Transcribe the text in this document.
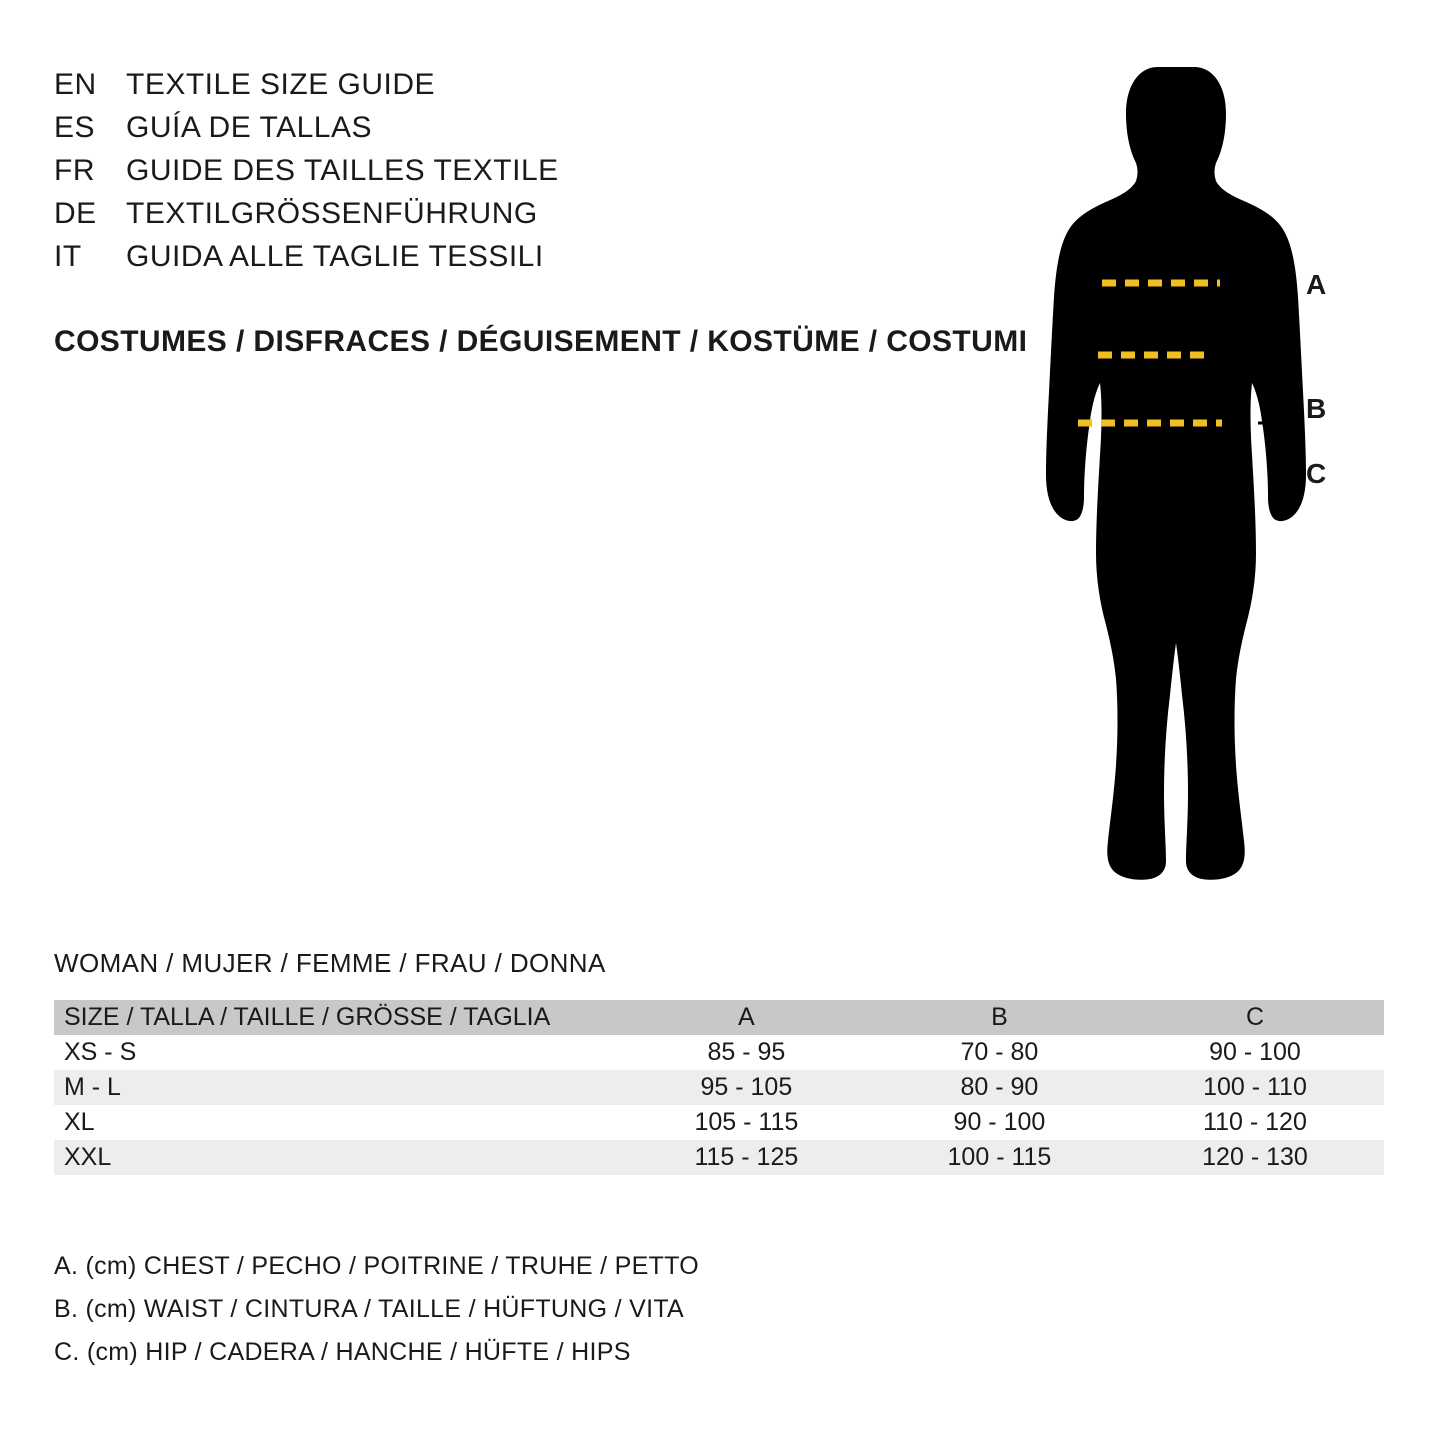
EN TEXTILE SIZE GUIDE
ES	GUÍA DE TALLAS
FR	GUIDE DES TAILLES TEXTILE
DE TEXTILGRÖSSENFÜHRUNG
IT	GUIDA ALLE TAGLIE TESSILI
COSTUMES / DISFRACES / DÉGUISEMENT / KOSTÜME / COSTUMI
A
B
C
WOMAN / MUJER / FEMME / FRAU / DONNA
SIZE / TALLA / TAILLE / GRÖSSE / TAGLIA	A	B	C
XS - S	85 - 95	70 - 80	90 - 100
M - L	95 - 105	80 - 90	100 - 110
XL	105 - 115	90 - 100	110 - 120
XXL	115 - 125	100 - 115	120 - 130
A. (cm) CHEST / PECHO / POITRINE / TRUHE / PETTO
B. (cm) WAIST / CINTURA / TAILLE / HÜFTUNG / VITA
C. (cm) HIP / CADERA / HANCHE / HÜFTE / HIPS
